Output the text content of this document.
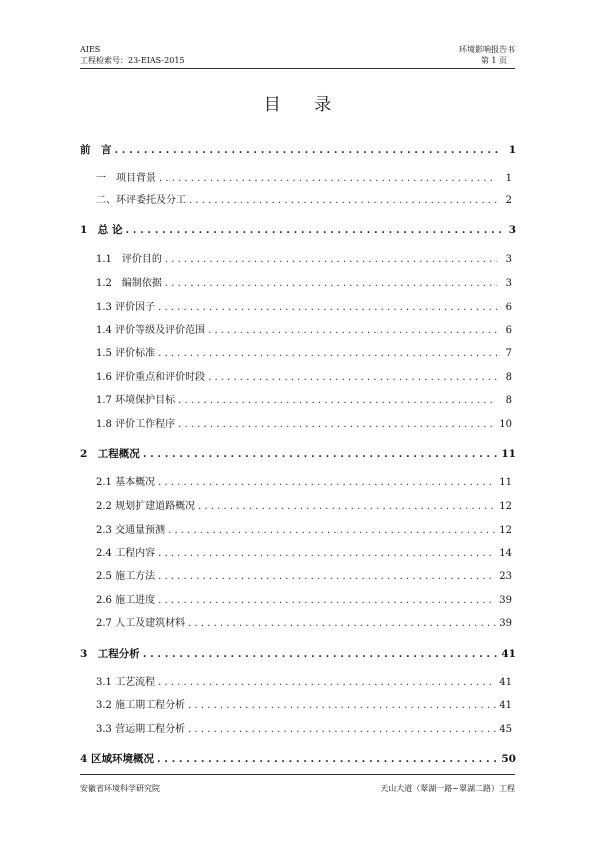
AIES
工程检索号：23-EIAS-2015
环境影响报告书
第 1 页
目 录
前　言 . . .	1
一　项目背景 . . .	1
二、环评委托及分工 . . .	2
1　总 论 . . .	3
1.1　评价目的 . . .	3
1.2　编制依据 . . .	3
1.3 评价因子 . . .	6
1.4 评价等级及评价范围 . . .	6
1.5 评价标准 . . .	7
1.6 评价重点和评价时段 . . .	8
1.7 环境保护目标 . . .	8
1.8 评价工作程序 . . .	10
2　工程概况 . . .	11
2.1 基本概况 . . .	11
2.2 规划扩建道路概况 . . .	12
2.3 交通量预测 . . .	12
2.4 工程内容 . . .	14
2.5 施工方法 . . .	23
2.6 施工进度 . . .	39
2.7 人工及建筑材料 . . .	39
3　工程分析 . . .	41
3.1 工艺流程 . . .	41
3.2 施工期工程分析 . . .	41
3.3 营运期工程分析 . . .	45
4 区域环境概况 . . .	50
安徽省环境科学研究院	天山大道（翠湖一路~翠湖二路）工程
